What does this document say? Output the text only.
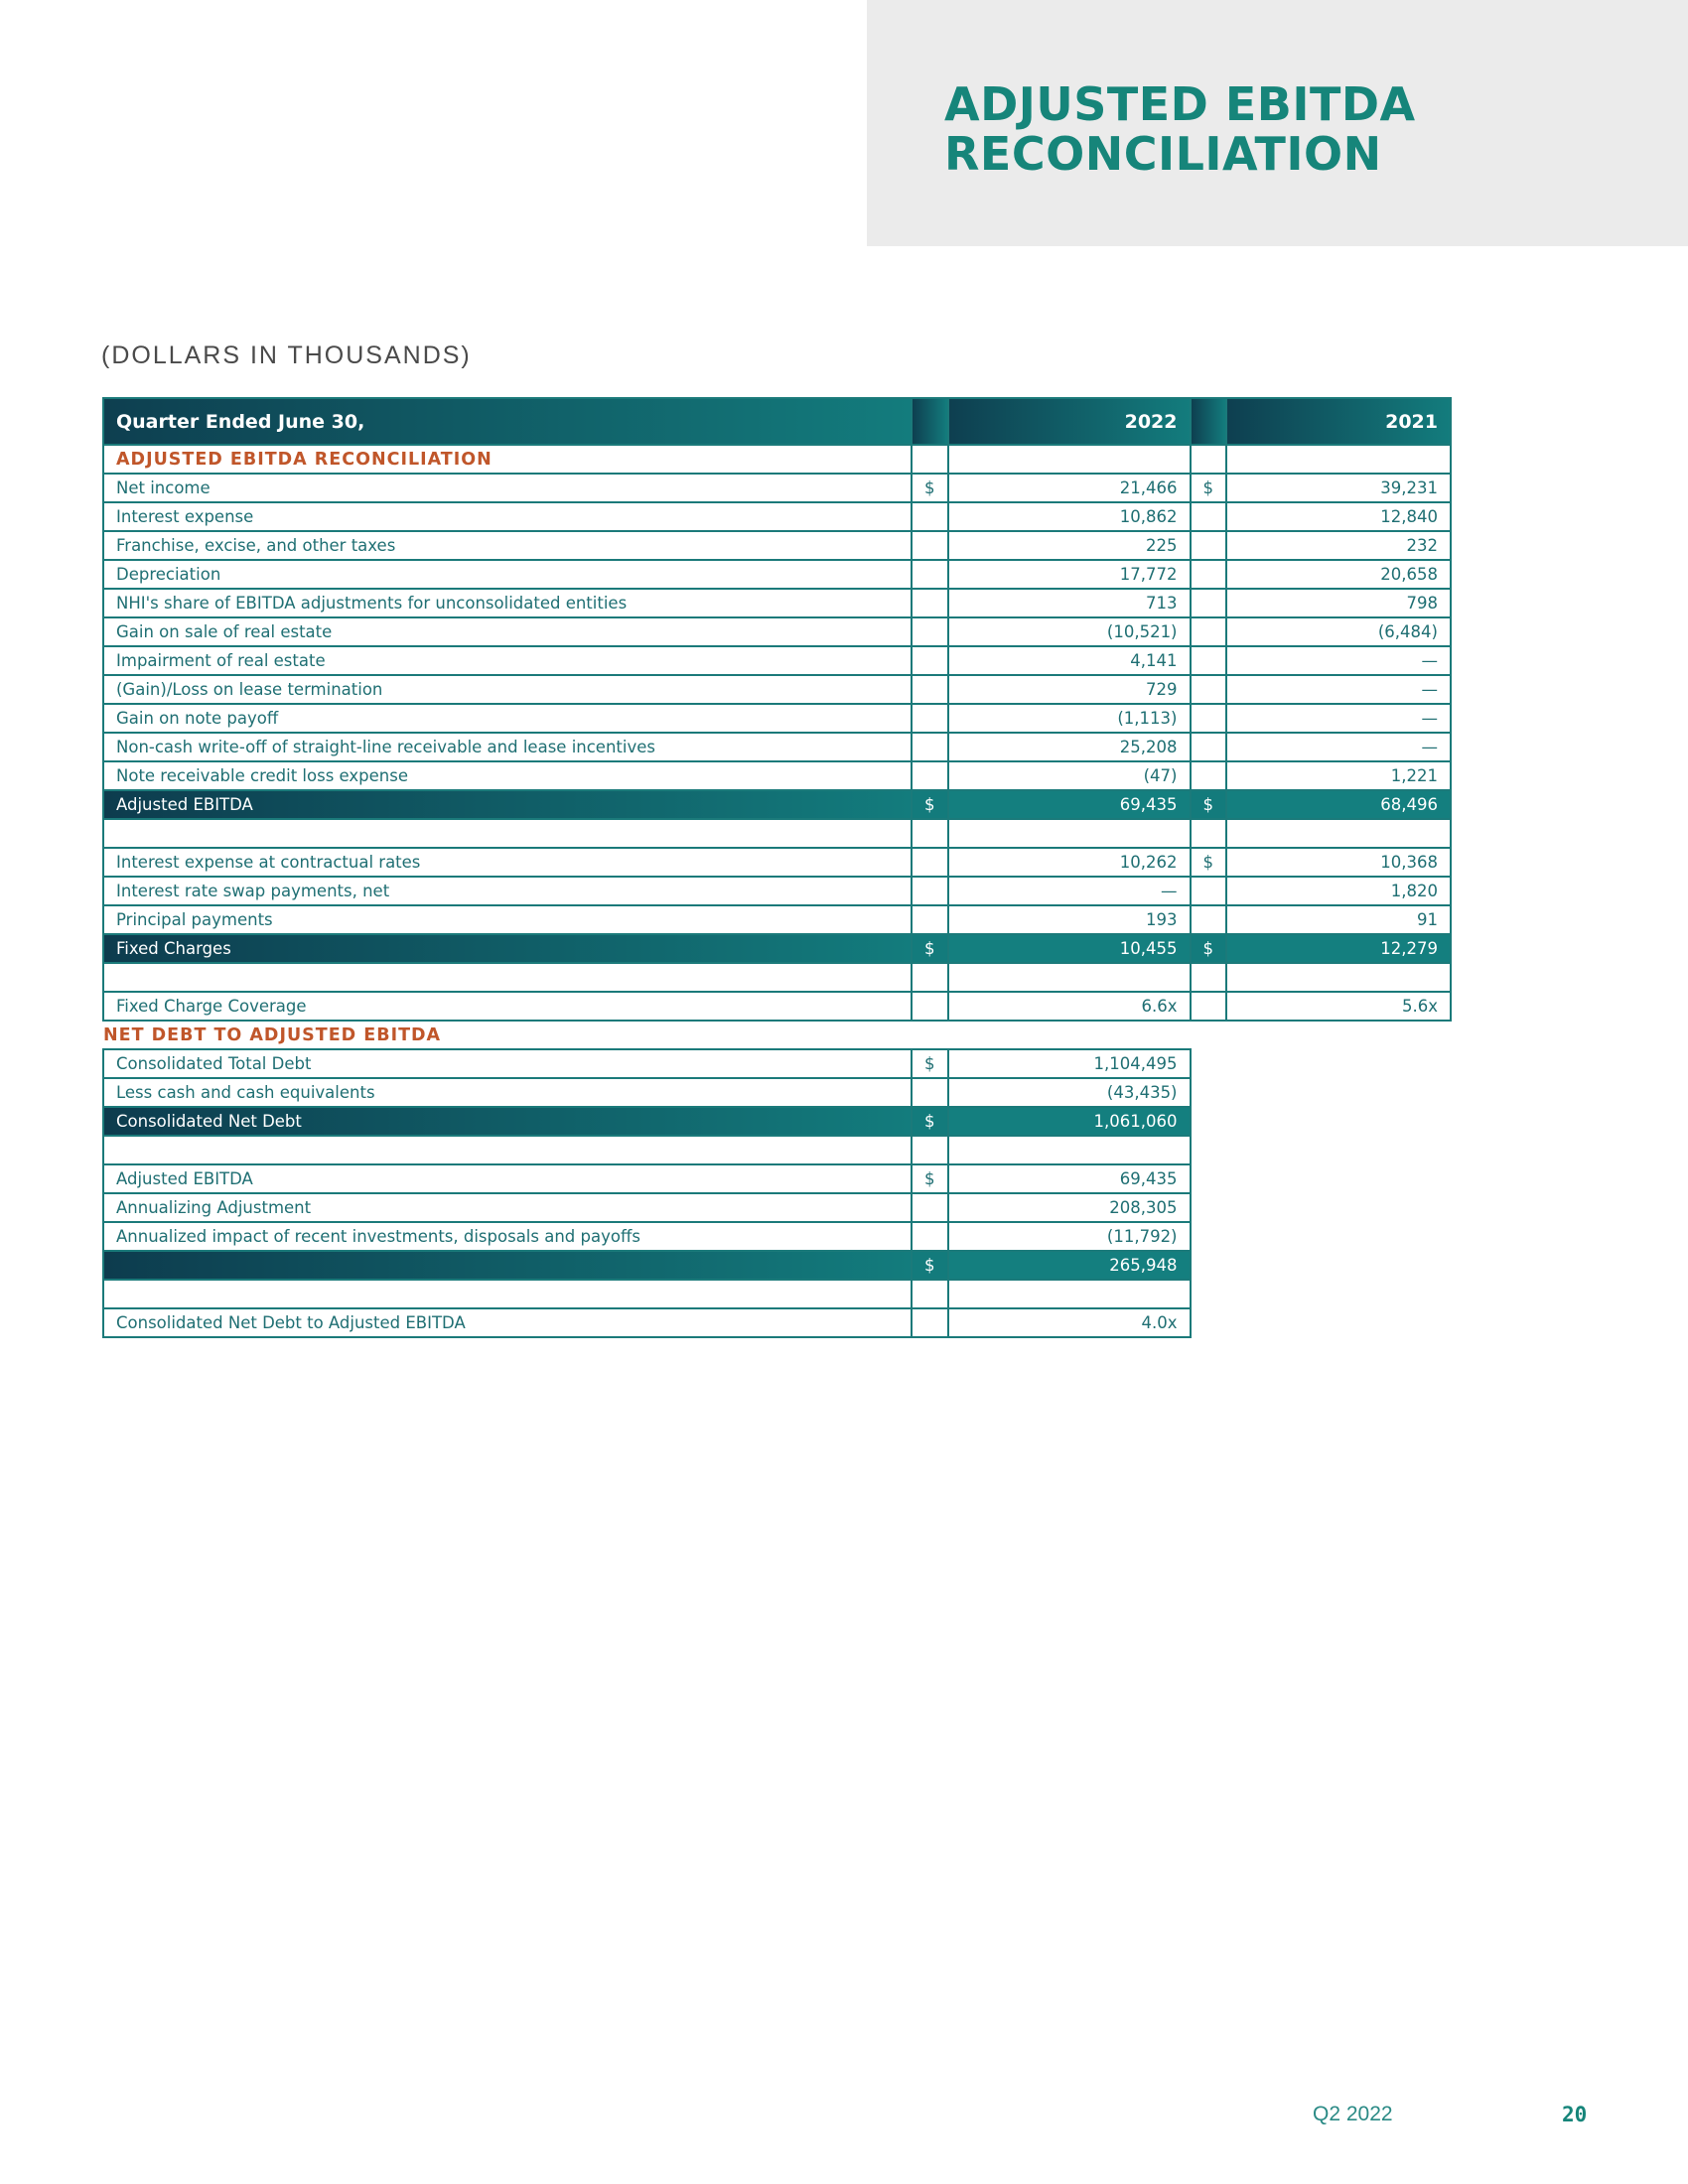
ADJUSTED EBITDA
RECONCILIATION
(DOLLARS IN THOUSANDS)
Quarter Ended June 30,		2022		2021
ADJUSTED EBITDA RECONCILIATION				
Net income	$	21,466	$	39,231
Interest expense		10,862		12,840
Franchise, excise, and other taxes		225		232
Depreciation		17,772		20,658
NHI's share of EBITDA adjustments for unconsolidated entities		713		798
Gain on sale of real estate		(10,521)		(6,484)
Impairment of real estate		4,141		—
(Gain)/Loss on lease termination		729		—
Gain on note payoff		(1,113)		—
Non-cash write-off of straight-line receivable and lease incentives		25,208		—
Note receivable credit loss expense		(47)		1,221
Adjusted EBITDA	$	69,435	$	68,496

Interest expense at contractual rates		10,262	$	10,368
Interest rate swap payments, net		—		1,820
Principal payments		193		91
Fixed Charges	$	10,455	$	12,279

Fixed Charge Coverage		6.6x		5.6x
NET DEBT TO ADJUSTED EBITDA				
Consolidated Total Debt	$	1,104,495		
Less cash and cash equivalents		(43,435)		
Consolidated Net Debt	$	1,061,060		

Adjusted EBITDA	$	69,435		
Annualizing Adjustment		208,305		
Annualized impact of recent investments, disposals and payoffs		(11,792)		
	$	265,948		

Consolidated Net Debt to Adjusted EBITDA		4.0x		
Q2 2022	20
